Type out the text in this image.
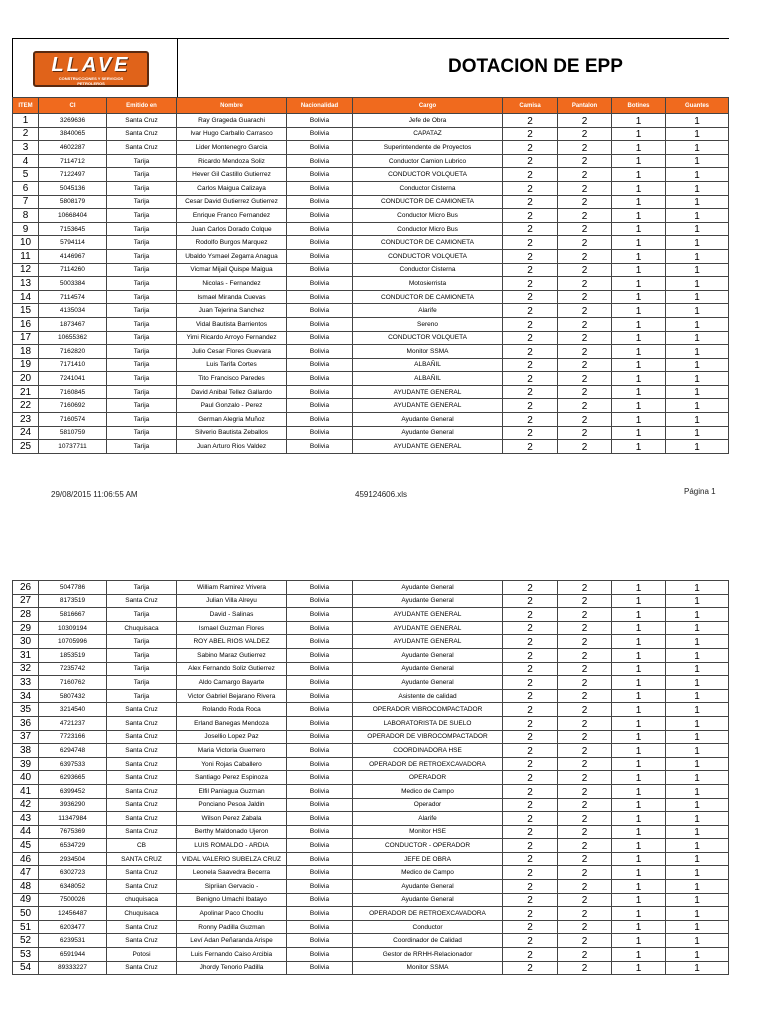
LLAVE
CONSTRUCCIONES Y SERVICIOS
PETROLEROS
DOTACION DE EPP
ITEM	CI	Emitido en	Nombre	Nacionalidad	Cargo	Camisa	Pantalon	Botines	Guantes
1	3269636	Santa Cruz	Ray Grageda Guarachi	Bolivia	Jefe de Obra	2	2	1	1
2	3840065	Santa Cruz	Ivar Hugo Carballo Carrasco	Bolivia	CAPATAZ	2	2	1	1
3	4602287	Santa Cruz	Lider Montenegro Garcia	Bolivia	Superintendente de Proyectos	2	2	1	1
4	7114712	Tarija	Ricardo Mendoza Soliz	Bolivia	Conductor Camion Lubrico	2	2	1	1
5	7122497	Tarija	Hever Gil Castillo Gutierrez	Bolivia	CONDUCTOR VOLQUETA	2	2	1	1
6	5045136	Tarija	Carlos Maigua Calizaya	Bolivia	Conductor Cisterna	2	2	1	1
7	5808179	Tarija	Cesar David Gutierrez Gutierrez	Bolivia	CONDUCTOR DE CAMIONETA	2	2	1	1
8	10668404	Tarija	Enrique Franco Fernandez	Bolivia	Conductor Micro Bus	2	2	1	1
9	7153645	Tarija	Juan Carlos Dorado Colque	Bolivia	Conductor Micro Bus	2	2	1	1
10	5794114	Tarija	Rodolfo Burgos Marquez	Bolivia	CONDUCTOR DE CAMIONETA	2	2	1	1
11	4146967	Tarija	Ubaldo Ysmael Zegarra Anagua	Bolivia	CONDUCTOR VOLQUETA	2	2	1	1
12	7114260	Tarija	Vicmar Mijail Quispe Maigua	Bolivia	Conductor Cisterna	2	2	1	1
13	5003384	Tarija	Nicolas - Fernandez	Bolivia	Motosierrista	2	2	1	1
14	7114574	Tarija	Ismael Miranda Cuevas	Bolivia	CONDUCTOR DE CAMIONETA	2	2	1	1
15	4135034	Tarija	Juan Tejerina Sanchez	Bolivia	Alarife	2	2	1	1
16	1873467	Tarija	Vidal Bautista Barrientos	Bolivia	Sereno	2	2	1	1
17	10655362	Tarija	Yimi Ricardo Arroyo Fernandez	Bolivia	CONDUCTOR VOLQUETA	2	2	1	1
18	7162820	Tarija	Julio Cesar Flores Guevara	Bolivia	Monitor SSMA	2	2	1	1
19	7171410	Tarija	Luis Tarifa Cortes	Bolivia	ALBAÑIL	2	2	1	1
20	7241041	Tarija	Tito Francisco Paredes	Bolivia	ALBAÑIL	2	2	1	1
21	7160845	Tarija	David Anibal Tellez Gallardo	Bolivia	AYUDANTE GENERAL	2	2	1	1
22	7160692	Tarija	Paul Gonzalo - Perez	Bolivia	AYUDANTE GENERAL	2	2	1	1
23	7160574	Tarija	German Alegria Muñoz	Bolivia	Ayudante General	2	2	1	1
24	5810759	Tarija	Silverio Bautista Zeballos	Bolivia	Ayudante General	2	2	1	1
25	10737711	Tarija	Juan Arturo Rios Valdez	Bolivia	AYUDANTE GENERAL	2	2	1	1
29/08/2015 11:06:55 AM	459124606.xls	Página 1
26	5047786	Tarija	William Ramirez Vrivera	Bolivia	Ayudante General	2	2	1	1
27	8173519	Santa Cruz	Julian Villa Alreyu	Bolivia	Ayudante General	2	2	1	1
28	5816667	Tarija	David - Salinas	Bolivia	AYUDANTE GENERAL	2	2	1	1
29	10309194	Chuquisaca	Ismael Guzman Flores	Bolivia	AYUDANTE GENERAL	2	2	1	1
30	10705996	Tarija	ROY ABEL RIOS VALDEZ	Bolivia	AYUDANTE GENERAL	2	2	1	1
31	1853519	Tarija	Sabino Maraz Gutierrez	Bolivia	Ayudante General	2	2	1	1
32	7235742	Tarija	Alex Fernando Soliz Gutierrez	Bolivia	Ayudante General	2	2	1	1
33	7160762	Tarija	Aldo Camargo Bayarte	Bolivia	Ayudante General	2	2	1	1
34	5807432	Tarija	Victor Gabriel Bejarano Rivera	Bolivia	Asistente de calidad	2	2	1	1
35	3214540	Santa Cruz	Rolando Roda Roca	Bolivia	OPERADOR VIBROCOMPACTADOR	2	2	1	1
36	4721237	Santa Cruz	Erland Banegas Mendoza	Bolivia	LABORATORISTA DE SUELO	2	2	1	1
37	7723166	Santa Cruz	Josellio Lopez Paz	Bolivia	OPERADOR DE VIBROCOMPACTADOR	2	2	1	1
38	6294748	Santa Cruz	Maria Victoria Guerrero	Bolivia	COORDINADORA HSE	2	2	1	1
39	6397533	Santa Cruz	Yoni Rojas Caballero	Bolivia	OPERADOR DE RETROEXCAVADORA	2	2	1	1
40	6293665	Santa Cruz	Santiago Perez Espinoza	Bolivia	OPERADOR	2	2	1	1
41	6399452	Santa Cruz	Elfil Paniagua Guzman	Bolivia	Medico de Campo	2	2	1	1
42	3936290	Santa Cruz	Ponciano Pesoa Jaldin	Bolivia	Operador	2	2	1	1
43	11347984	Santa Cruz	Wilson Perez Zabala	Bolivia	Alarife	2	2	1	1
44	7675369	Santa Cruz	Berthy Maldonado Ujeron	Bolivia	Monitor HSE	2	2	1	1
45	6534729	CB	LUIS ROMALDO - ARDIA	Bolivia	CONDUCTOR - OPERADOR	2	2	1	1
46	2934504	SANTA CRUZ	VIDAL VALERIO SUBELZA CRUZ	Bolivia	JEFE DE OBRA	2	2	1	1
47	6302723	Santa Cruz	Leonela Saavedra Becerra	Bolivia	Medico de Campo	2	2	1	1
48	6348052	Santa Cruz	Sipriian Gervacio -	Bolivia	Ayudante General	2	2	1	1
49	7500026	chuquisaca	Benigno Umachi Ibatayo	Bolivia	Ayudante General	2	2	1	1
50	12456487	Chuquisaca	Apolinar Paco Chocllu	Bolivia	OPERADOR DE RETROEXCAVADORA	2	2	1	1
51	6203477	Santa Cruz	Ronny Padilla Guzman	Bolivia	Conductor	2	2	1	1
52	6239531	Santa Cruz	Leví Adan Peñaranda Arispe	Bolivia	Coordinador de Calidad	2	2	1	1
53	6591944	Potosi	Luis Fernando Caiso Arcibia	Bolivia	Gestor de RRHH-Relacionador	2	2	1	1
54	89333227	Santa Cruz	Jhordy Tenorio Padilla	Bolivia	Monitor SSMA	2	2	1	1
